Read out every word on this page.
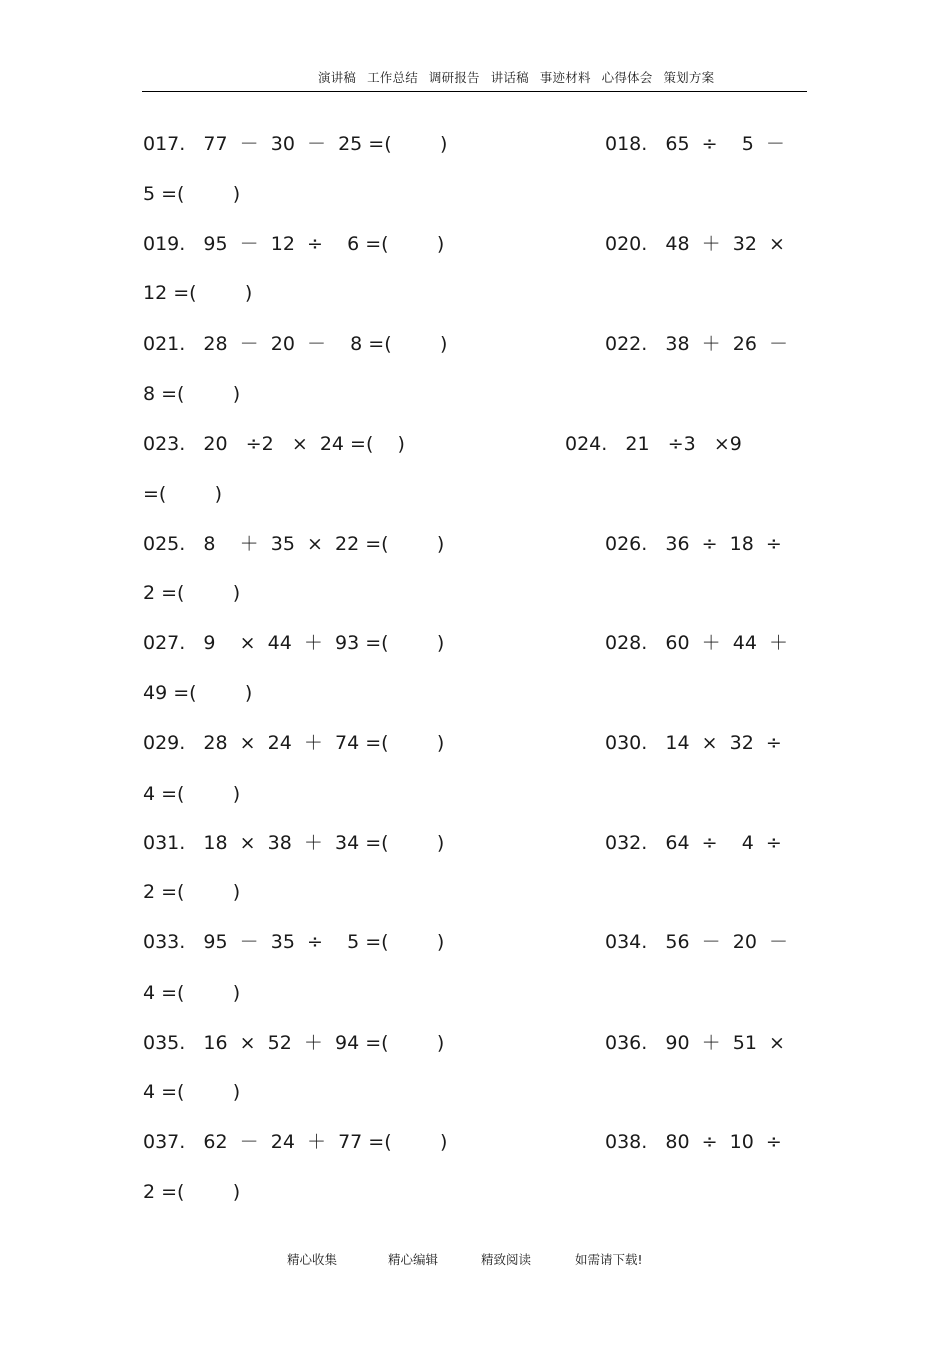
演讲稿 工作总结 调研报告 讲话稿 事迹材料 心得体会 策划方案
017.   77  －  30  －  25 =(        )	018.   65  ÷    5  －
5 =(        )
019.   95  －  12  ÷    6 =(        )	020.   48  ＋  32  ×
12 =(        )
021.   28  －  20  －    8 =(        )	022.   38  ＋  26  －
8 =(        )
023.   20   ÷2   ×  24 =(    )	024.   21   ÷3   ×9
=(        )
025.   8    ＋  35  ×  22 =(        )	026.   36  ÷  18  ÷
2 =(        )
027.   9    ×  44  ＋  93 =(        )	028.   60  ＋  44  ＋
49 =(        )
029.   28  ×  24  ＋  74 =(        )	030.   14  ×  32  ÷
4 =(        )
031.   18  ×  38  ＋  34 =(        )	032.   64  ÷    4  ÷
2 =(        )
033.   95  －  35  ÷    5 =(        )	034.   56  －  20  －
4 =(        )
035.   16  ×  52  ＋  94 =(        )	036.   90  ＋  51  ×
4 =(        )
037.   62  －  24  ＋  77 =(        )	038.   80  ÷  10  ÷
2 =(        )
精心收集	精心编辑	精致阅读	如需请下载!
